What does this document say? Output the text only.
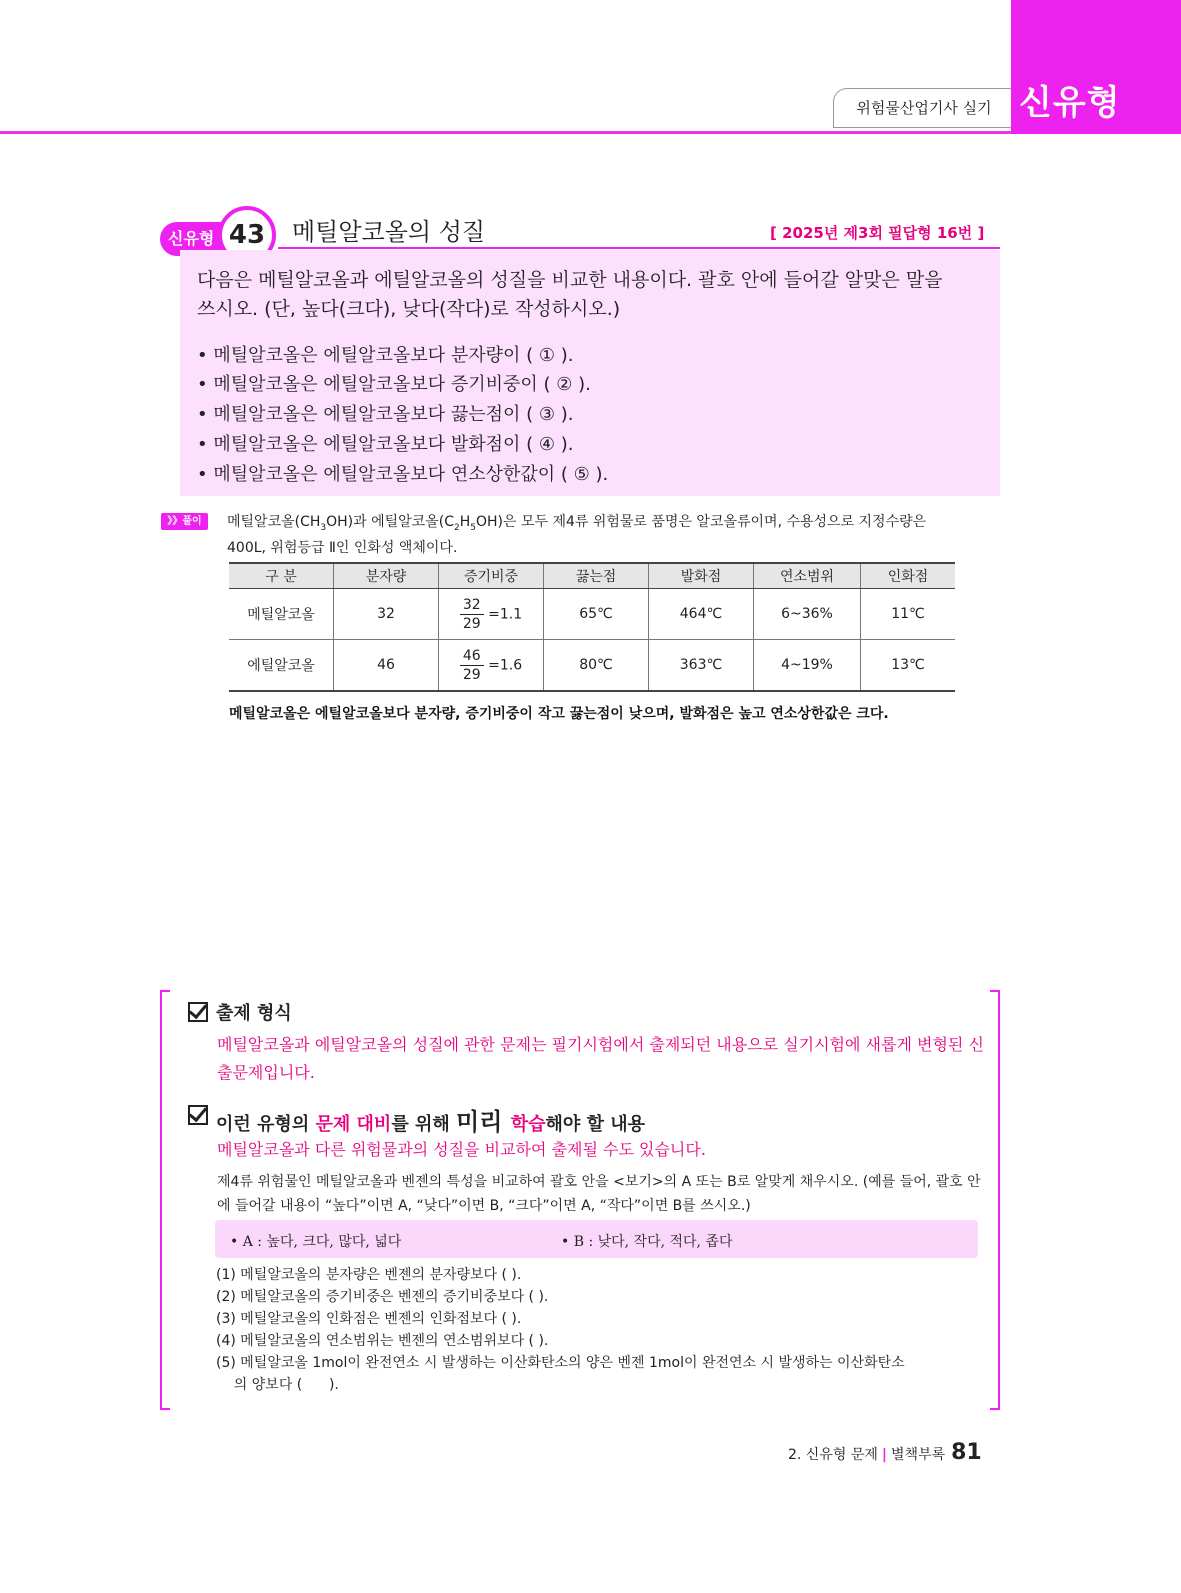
위험물산업기사 실기 신유형
신유형 43	메틸알코올의 성질	[ 2025년 제3회 필답형 16번 ]
다음은 메틸알코올과 에틸알코올의 성질을 비교한 내용이다. 괄호 안에 들어갈 알맞은 말을
쓰시오. (단, 높다(크다), 낮다(작다)로 작성하시오.)
• 메틸알코올은 에틸알코올보다 분자량이 ( ① ).
• 메틸알코올은 에틸알코올보다 증기비중이 ( ② ).
• 메틸알코올은 에틸알코올보다 끓는점이 ( ③ ).
• 메틸알코올은 에틸알코올보다 발화점이 ( ④ ).
• 메틸알코올은 에틸알코올보다 연소상한값이 ( ⑤ ).
》》풀이	메틸알코올$(CH_3OH)$과 에틸알코올$(C_2H_5OH)$은 모두 제4류 위험물로 품명은 알코올류이며, 수용성으로 지정수량은
400L, 위험등급 Ⅱ인 인화성 액체이다.
구 분	분자량	증기비중	끓는점	발화점	연소범위	인화점
메틸알코올	32	$\frac{32}{29} =1.1$	65℃	464℃	6~36%	11℃
에틸알코올	46	$\frac{46}{29} =1.6$	80℃	363℃	4~19%	13℃
메틸알코올은 에틸알코올보다 분자량, 증기비중이 작고 끓는점이 낮으며, 발화점은 높고 연소상한값은 크다.
출제 형식
메틸알코올과 에틸알코올의 성질에 관한 문제는 필기시험에서 출제되던 내용으로 실기시험에 새롭게 변형된 신출문제입니다.
이런 유형의 문제 대비를 위해 미리 학습해야 할 내용
메틸알코올과 다른 위험물과의 성질을 비교하여 출제될 수도 있습니다.
제4류 위험물인 메틸알코올과 벤젠의 특성을 비교하여 괄호 안을 <보기>의 A 또는 B로 알맞게 채우시오. (예를 들어, 괄호 안에 들어갈 내용이 “높다”이면 A, “낮다”이면 B, “크다”이면 A, “작다”이면 B를 쓰시오.)
• A : 높다, 크다, 많다, 넓다	• B : 낮다, 작다, 적다, 좁다
(1) 메틸알코올의 분자량은 벤젠의 분자량보다 ( ).
(2) 메틸알코올의 증기비중은 벤젠의 증기비중보다 ( ).
(3) 메틸알코올의 인화점은 벤젠의 인화점보다 ( ).
(4) 메틸알코올의 연소범위는 벤젠의 연소범위보다 ( ).
(5) 메틸알코올 1mol이 완전연소 시 발생하는 이산화탄소의 양은 벤젠 1mol이 완전연소 시 발생하는 이산화탄소
의 양보다 (      ).
2. 신유형 문제 | 별책부록 81
